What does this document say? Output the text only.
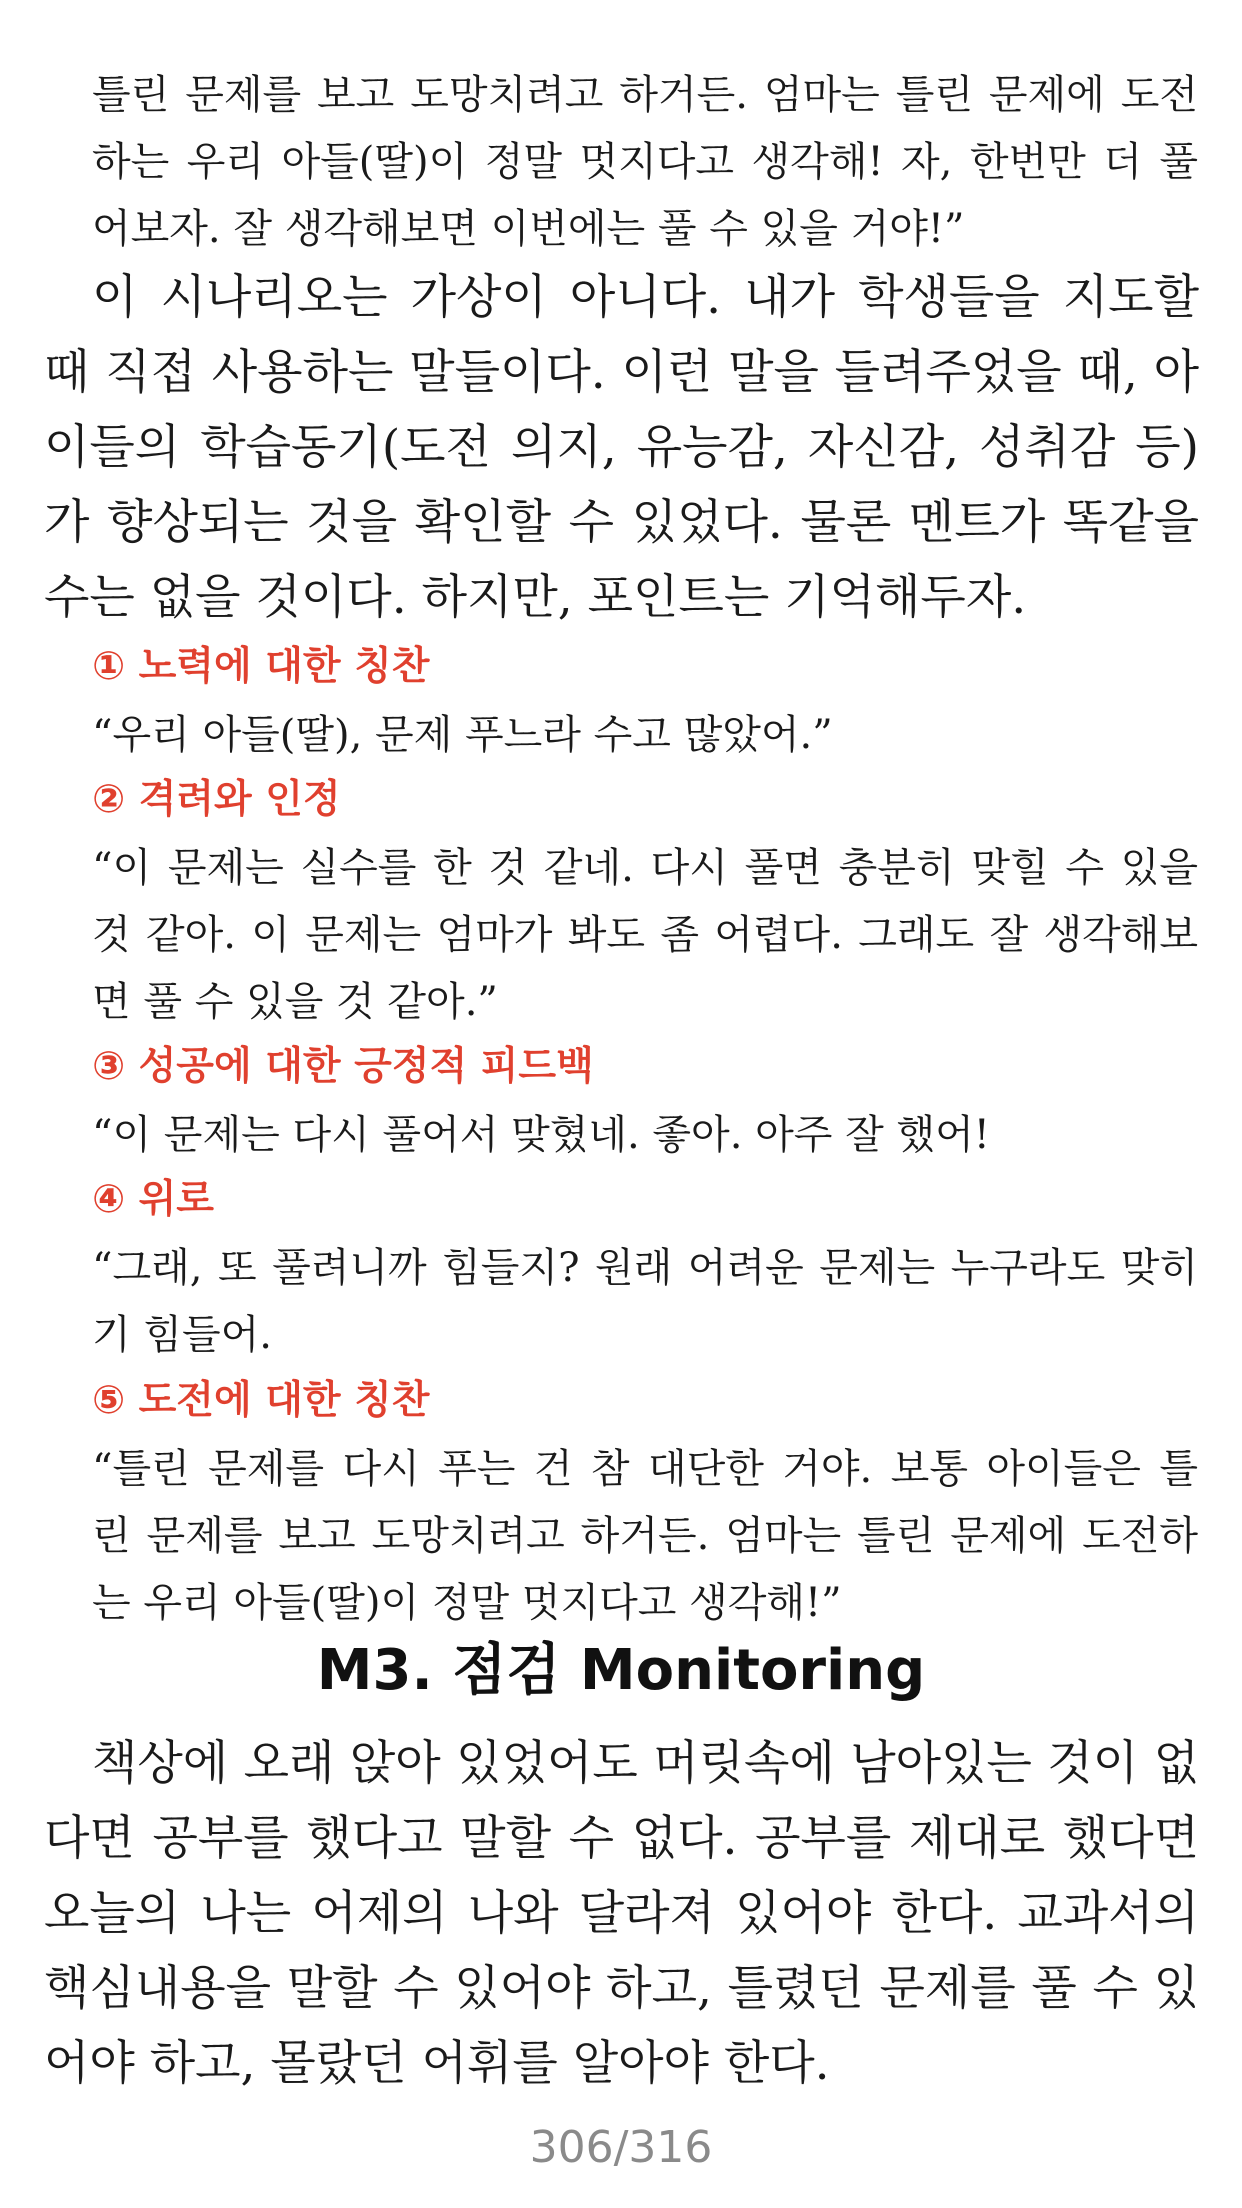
틀린 문제를 보고 도망치려고 하거든. 엄마는 틀린 문제에 도전
하는 우리 아들(딸)이 정말 멋지다고 생각해! 자, 한번만 더 풀
어보자. 잘 생각해보면 이번에는 풀 수 있을 거야!”
이 시나리오는 가상이 아니다. 내가 학생들을 지도할
때 직접 사용하는 말들이다. 이런 말을 들려주었을 때, 아
이들의 학습동기(도전 의지, 유능감, 자신감, 성취감 등)
가 향상되는 것을 확인할 수 있었다. 물론 멘트가 똑같을
수는 없을 것이다. 하지만, 포인트는 기억해두자.
① 노력에 대한 칭찬
“우리 아들(딸), 문제 푸느라 수고 많았어.”
② 격려와 인정
“이 문제는 실수를 한 것 같네. 다시 풀면 충분히 맞힐 수 있을
것 같아. 이 문제는 엄마가 봐도 좀 어렵다. 그래도 잘 생각해보
면 풀 수 있을 것 같아.”
③ 성공에 대한 긍정적 피드백
“이 문제는 다시 풀어서 맞혔네. 좋아. 아주 잘 했어!
④ 위로
“그래, 또 풀려니까 힘들지? 원래 어려운 문제는 누구라도 맞히
기 힘들어.
⑤ 도전에 대한 칭찬
“틀린 문제를 다시 푸는 건 참 대단한 거야. 보통 아이들은 틀
린 문제를 보고 도망치려고 하거든. 엄마는 틀린 문제에 도전하
는 우리 아들(딸)이 정말 멋지다고 생각해!”
M3. 점검 Monitoring
책상에 오래 앉아 있었어도 머릿속에 남아있는 것이 없
다면 공부를 했다고 말할 수 없다. 공부를 제대로 했다면
오늘의 나는 어제의 나와 달라져 있어야 한다. 교과서의
핵심내용을 말할 수 있어야 하고, 틀렸던 문제를 풀 수 있
어야 하고, 몰랐던 어휘를 알아야 한다.
306/316
